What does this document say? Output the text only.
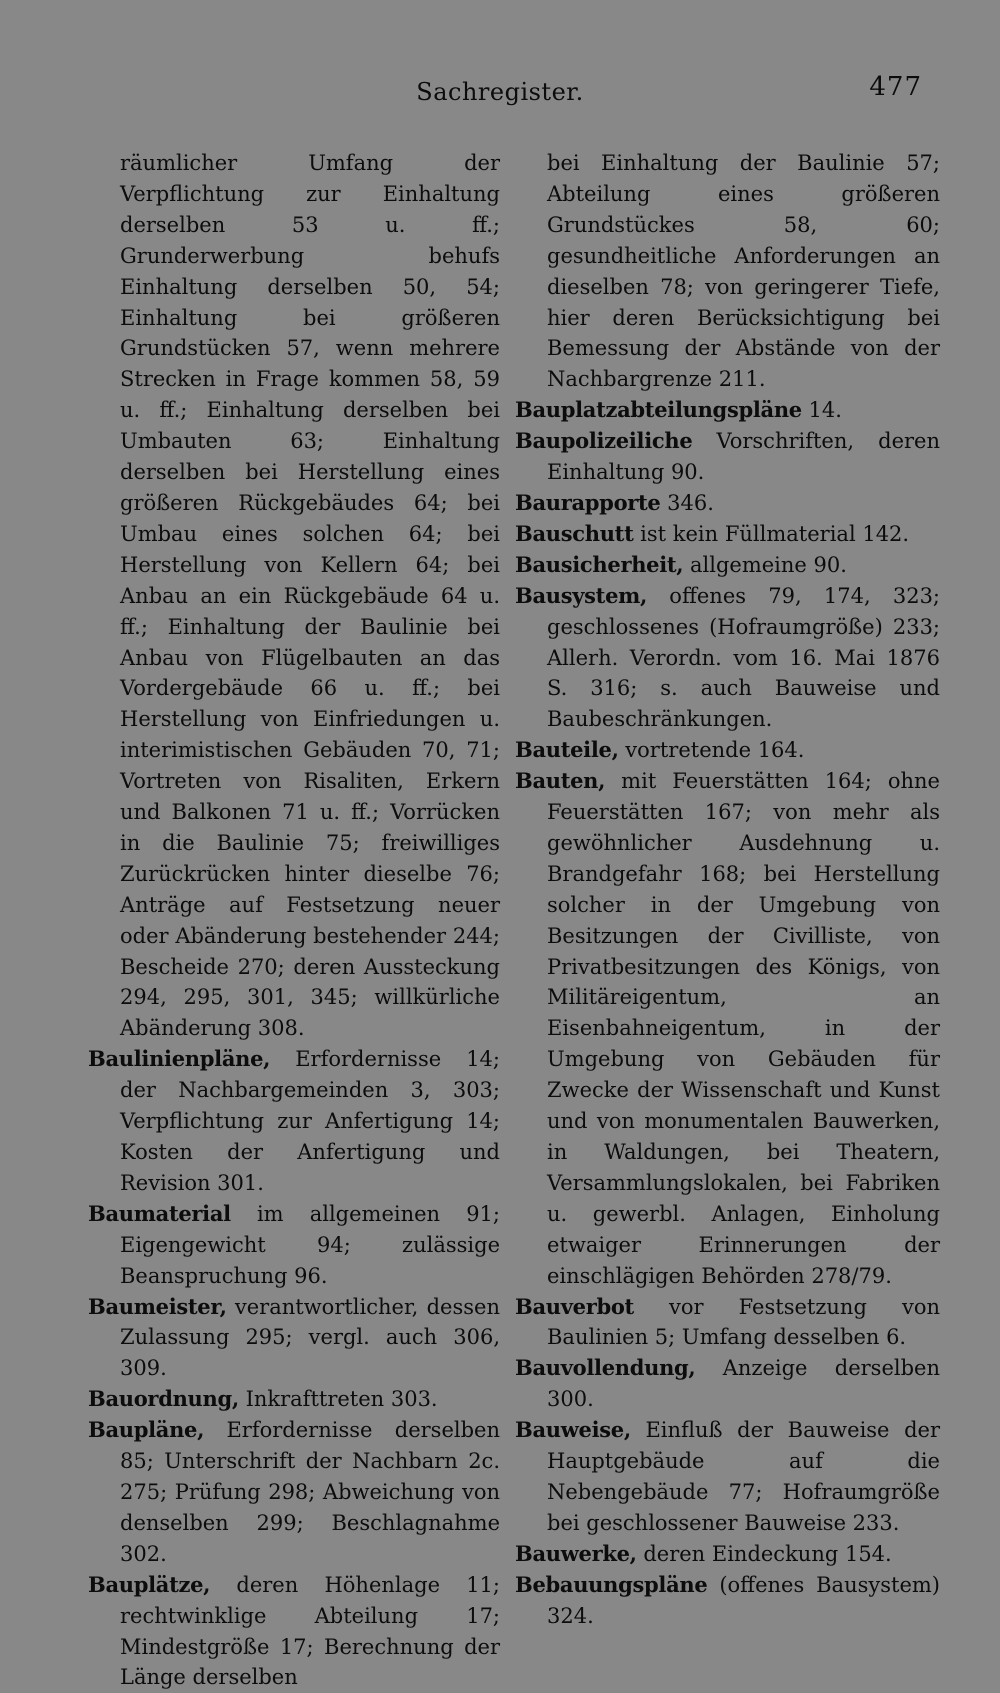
Sachregister.	477

räumlicher Umfang der Verpflichtung zur Einhaltung derselben 53 u. ff.; Grunderwerbung behufs Einhaltung derselben 50, 54; Einhaltung bei größeren Grundstücken 57, wenn mehrere Strecken in Frage kommen 58, 59 u. ff.; Einhaltung derselben bei Umbauten 63; Einhaltung derselben bei Herstellung eines größeren Rückgebäudes 64; bei Umbau eines solchen 64; bei Herstellung von Kellern 64; bei Anbau an ein Rückgebäude 64 u. ff.; Einhaltung der Baulinie bei Anbau von Flügelbauten an das Vordergebäude 66 u. ff.; bei Herstellung von Einfriedungen u. interimistischen Gebäuden 70, 71; Vortreten von Risaliten, Erkern und Balkonen 71 u. ff.; Vorrücken in die Baulinie 75; freiwilliges Zurückrücken hinter dieselbe 76; Anträge auf Festsetzung neuer oder Abänderung bestehender 244; Bescheide 270; deren Aussteckung 294, 295, 301, 345; willkürliche Abänderung 308.

Baulinienpläne, Erfordernisse 14; der Nachbargemeinden 3, 303; Verpflichtung zur Anfertigung 14; Kosten der Anfertigung und Revision 301.

Baumaterial im allgemeinen 91; Eigengewicht 94; zulässige Beanspruchung 96.

Baumeister, verantwortlicher, dessen Zulassung 295; vergl. auch 306, 309.

Bauordnung, Inkrafttreten 303.

Baupläne, Erfordernisse derselben 85; Unterschrift der Nachbarn 2c. 275; Prüfung 298; Abweichung von denselben 299; Beschlagnahme 302.

Bauplätze, deren Höhenlage 11; rechtwinklige Abteilung 17; Mindestgröße 17; Berechnung der Länge derselben

bei Einhaltung der Baulinie 57; Abteilung eines größeren Grundstückes 58, 60; gesundheitliche Anforderungen an dieselben 78; von geringerer Tiefe, hier deren Berücksichtigung bei Bemessung der Abstände von der Nachbargrenze 211.

Bauplatzabteilungspläne 14.

Baupolizeiliche Vorschriften, deren Einhaltung 90.

Baurapporte 346.

Bauschutt ist kein Füllmaterial 142.

Bausicherheit, allgemeine 90.

Bausystem, offenes 79, 174, 323; geschlossenes (Hofraumgröße) 233; Allerh. Verordn. vom 16. Mai 1876 S. 316; s. auch Bauweise und Baubeschränkungen.

Bauteile, vortretende 164.

Bauten, mit Feuerstätten 164; ohne Feuerstätten 167; von mehr als gewöhnlicher Ausdehnung u. Brandgefahr 168; bei Herstellung solcher in der Umgebung von Besitzungen der Civilliste, von Privatbesitzungen des Königs, von Militäreigentum, an Eisenbahneigentum, in der Umgebung von Gebäuden für Zwecke der Wissenschaft und Kunst und von monumentalen Bauwerken, in Waldungen, bei Theatern, Versammlungslokalen, bei Fabriken u. gewerbl. Anlagen, Einholung etwaiger Erinnerungen der einschlägigen Behörden 278/79.

Bauverbot vor Festsetzung von Baulinien 5; Umfang desselben 6.

Bauvollendung, Anzeige derselben 300.

Bauweise, Einfluß der Bauweise der Hauptgebäude auf die Nebengebäude 77; Hofraumgröße bei geschlossener Bauweise 233.

Bauwerke, deren Eindeckung 154.

Bebauungspläne (offenes Bausystem) 324.
